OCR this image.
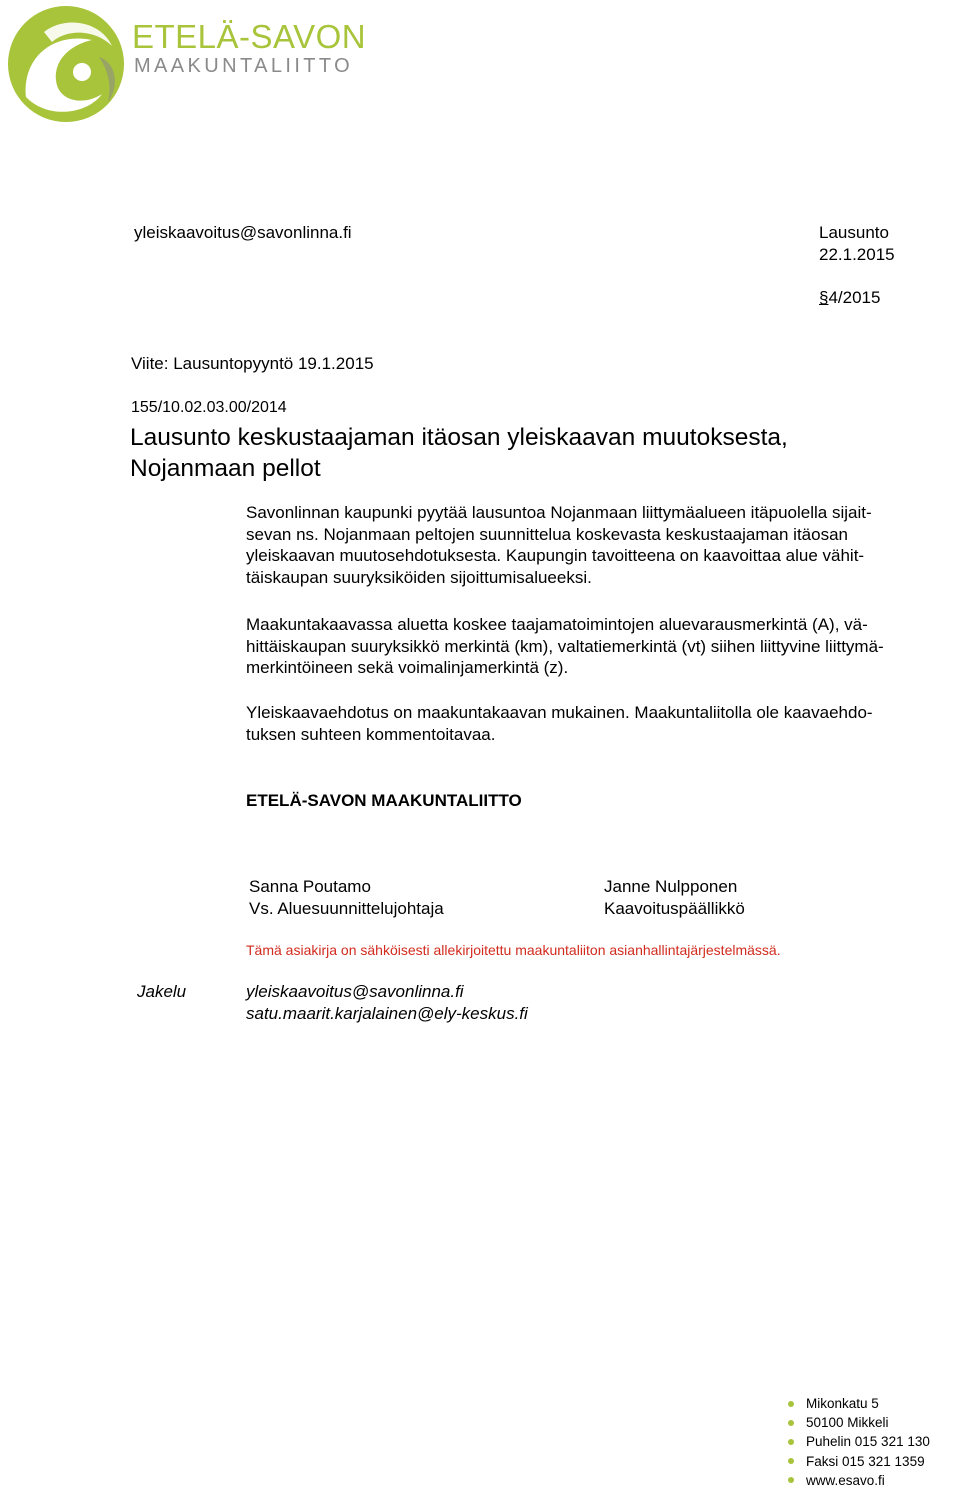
ETELÄ-SAVON
MAAKUNTALIITTO
yleiskaavoitus@savonlinna.fi	Lausunto
22.1.2015
§4/2015
Viite: Lausuntopyyntö 19.1.2015
155/10.02.03.00/2014
Lausunto keskustaajaman itäosan yleiskaavan muutoksesta,
Nojanmaan pellot
Savonlinnan kaupunki pyytää lausuntoa Nojanmaan liittymäalueen itäpuolella sijait-
sevan ns. Nojanmaan peltojen suunnittelua koskevasta keskustaajaman itäosan
yleiskaavan muutosehdotuksesta. Kaupungin tavoitteena on kaavoittaa alue vähit-
täiskaupan suuryksiköiden sijoittumisalueeksi.
Maakuntakaavassa aluetta koskee taajamatoimintojen aluevarausmerkintä (A), vä-
hittäiskaupan suuryksikkö merkintä (km), valtatiemerkintä (vt) siihen liittyvine liittymä-
merkintöineen sekä voimalinjamerkintä (z).
Yleiskaavaehdotus on maakuntakaavan mukainen. Maakuntaliitolla ole kaavaehdo-
tuksen suhteen kommentoitavaa.
ETELÄ-SAVON MAAKUNTALIITTO
Sanna Poutamo
Vs. Aluesuunnittelujohtaja
Janne Nulpponen
Kaavoituspäällikkö
Tämä asiakirja on sähköisesti allekirjoitettu maakuntaliiton asianhallintajärjestelmässä.
Jakelu	yleiskaavoitus@savonlinna.fi
satu.maarit.karjalainen@ely-keskus.fi
Mikonkatu 5
50100 Mikkeli
Puhelin 015 321 130
Faksi 015 321 1359
www.esavo.fi
